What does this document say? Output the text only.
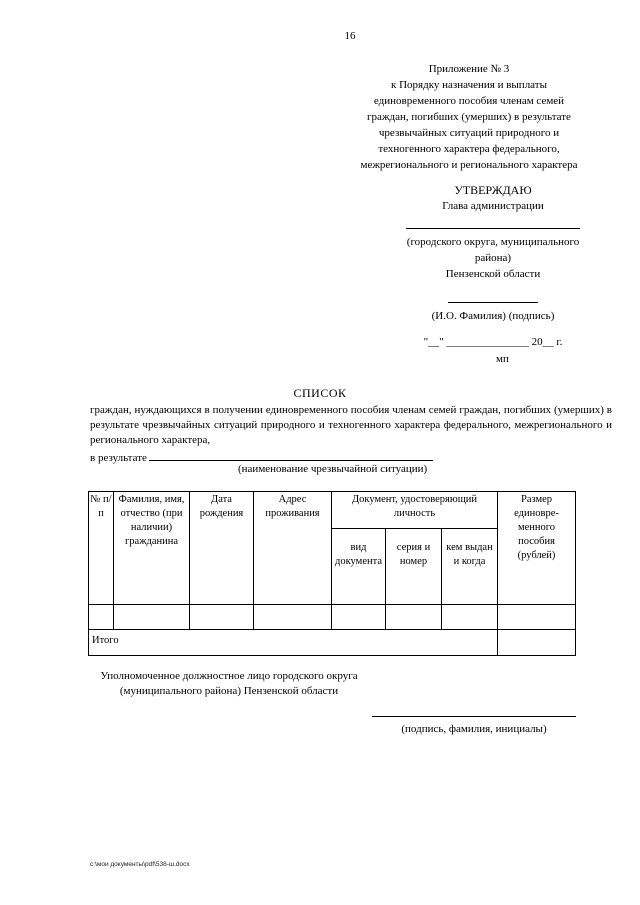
16
Приложение № 3
к Порядку назначения и выплаты
единовременного пособия членам семей
граждан, погибших (умерших) в результате
чрезвычайных ситуаций природного и
техногенного характера федерального,
межрегионального и регионального характера
УТВЕРЖДАЮ
Глава администрации
(городского округа, муниципального
района)
Пензенской области
(И.О. Фамилия) (подпись)
"__" _______________ 20__ г.
мп
СПИСОК
граждан, нуждающихся в получении единовременного пособия членам семей граждан, погибших (умерших) в результате чрезвычайных ситуаций природного и техногенного характера федерального, межрегионального и регионального характера,
в результате
(наименование чрезвычайной ситуации)
№ п/п	Фамилия, имя, отчество (при наличии) гражданина	Дата рождения	Адрес проживания	Документ, удостоверяющий личность			Размер единовре-менного пособия (рублей)
				вид документа	серия и номер	кем выдан и когда	

Итого							
Уполномоченное должностное лицо городского округа (муниципального района) Пензенской области
(подпись, фамилия, инициалы)
c:\мои документы\pdf\538-ш.docx
